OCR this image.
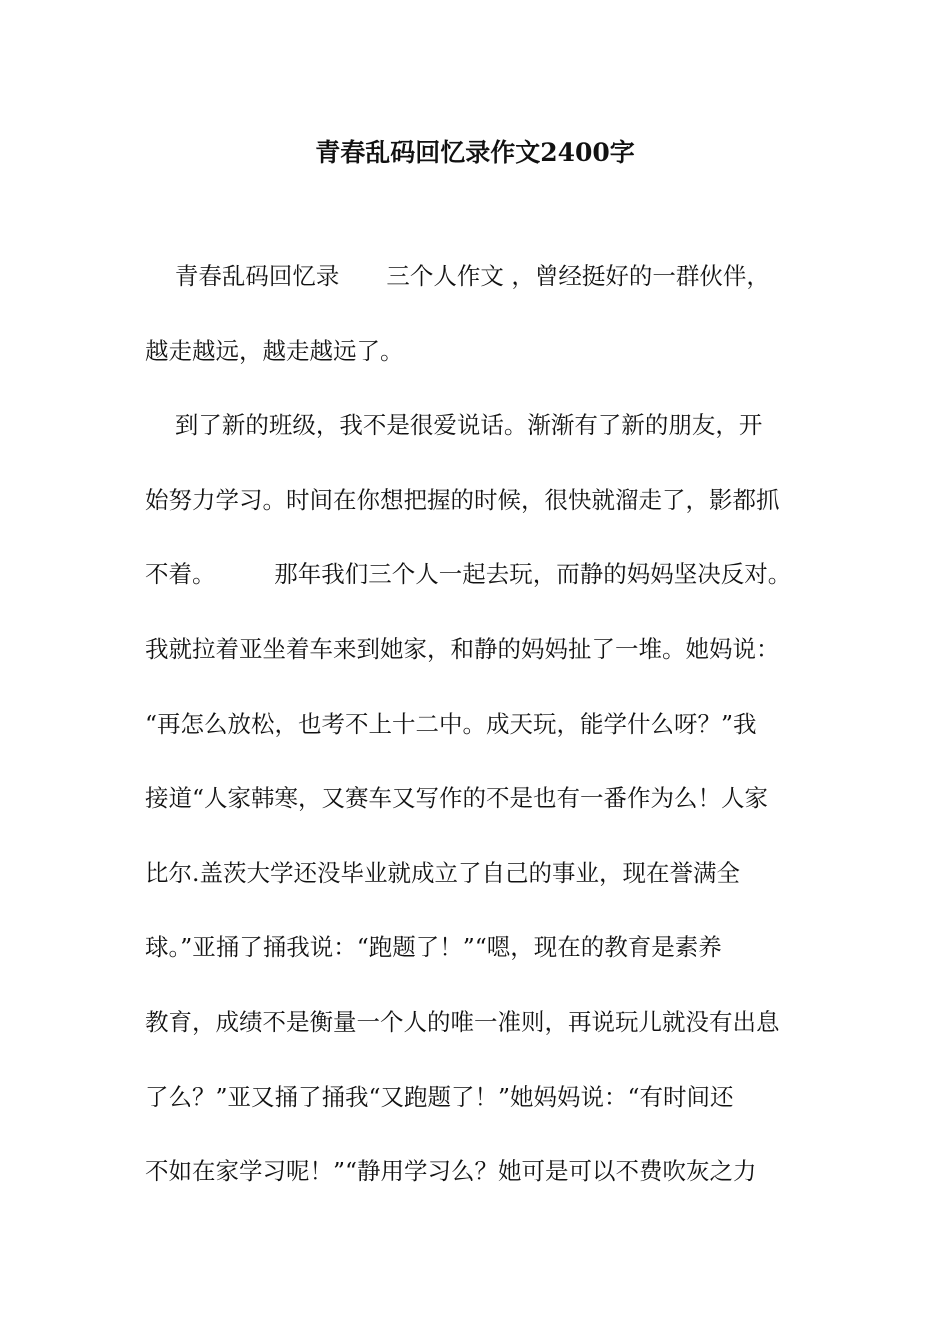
青春乱码回忆录作文2400字
青春乱码回忆录　　三个人作文 ，曾经挺好的一群伙伴，
越走越远，越走越远了。
到了新的班级，我不是很爱说话。渐渐有了新的朋友，开
始努力学习。时间在你想把握的时候，很快就溜走了，影都抓
不着。　　　那年我们三个人一起去玩，而静的妈妈坚决反对。
我就拉着亚坐着车来到她家，和静的妈妈扯了一堆。她妈说：
“再怎么放松，也考不上十二中。成天玩，能学什么呀？”我
接道“人家韩寒，又赛车又写作的不是也有一番作为么！人家
比尔.盖茨大学还没毕业就成立了自己的事业，现在誉满全
球。”亚捅了捅我说：“跑题了！”“嗯，现在的教育是素养
教育，成绩不是衡量一个人的唯一准则，再说玩儿就没有出息
了么？”亚又捅了捅我“又跑题了！”她妈妈说：“有时间还
不如在家学习呢！”“静用学习么？她可是可以不费吹灰之力
